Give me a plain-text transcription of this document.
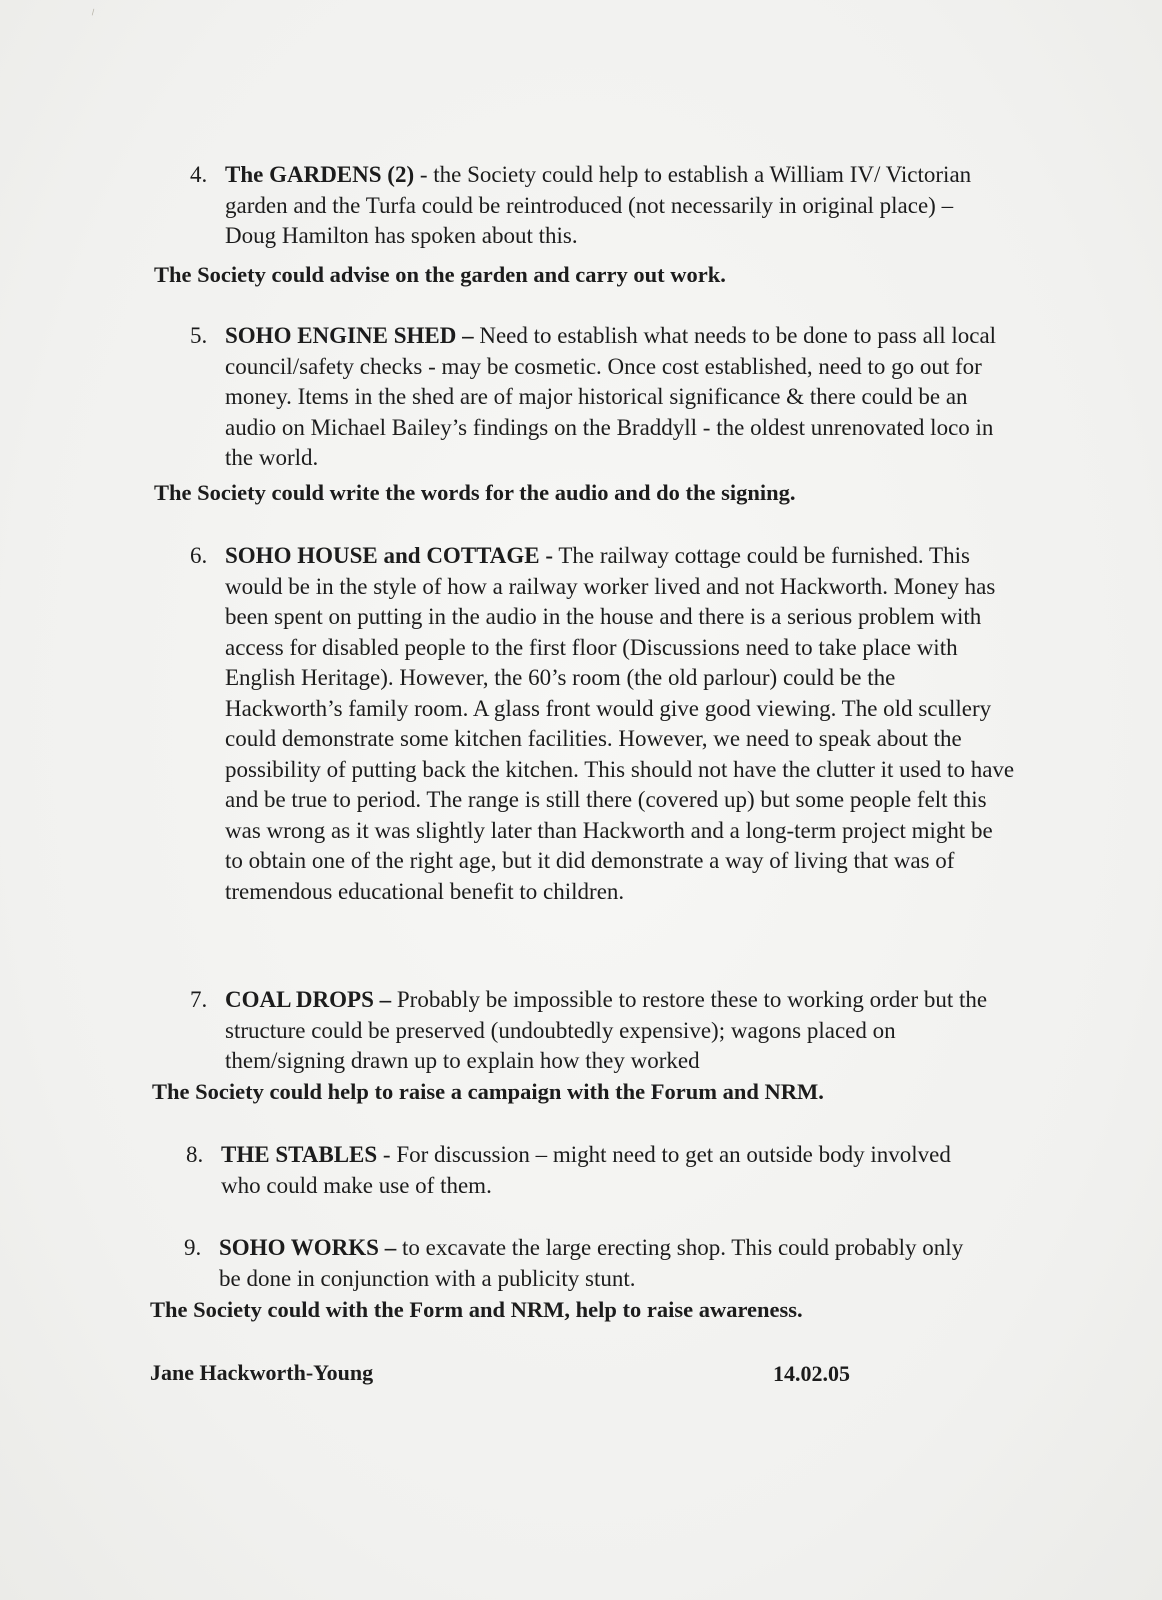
⸝
4. The GARDENS (2) - the Society could help to establish a William IV/ Victorian garden and the Turfa could be reintroduced (not necessarily in original place) – Doug Hamilton has spoken about this.
The Society could advise on the garden and carry out work.
5. SOHO ENGINE SHED – Need to establish what needs to be done to pass all local council/safety checks - may be cosmetic. Once cost established, need to go out for money. Items in the shed are of major historical significance & there could be an audio on Michael Bailey’s findings on the Braddyll - the oldest unrenovated loco in the world.
The Society could write the words for the audio and do the signing.
6. SOHO HOUSE and COTTAGE - The railway cottage could be furnished. This would be in the style of how a railway worker lived and not Hackworth. Money has been spent on putting in the audio in the house and there is a serious problem with access for disabled people to the first floor (Discussions need to take place with English Heritage). However, the 60’s room (the old parlour) could be the Hackworth’s family room. A glass front would give good viewing. The old scullery could demonstrate some kitchen facilities. However, we need to speak about the possibility of putting back the kitchen. This should not have the clutter it used to have and be true to period. The range is still there (covered up) but some people felt this was wrong as it was slightly later than Hackworth and a long-term project might be to obtain one of the right age, but it did demonstrate a way of living that was of tremendous educational benefit to children.
7. COAL DROPS – Probably be impossible to restore these to working order but the structure could be preserved (undoubtedly expensive); wagons placed on them/signing drawn up to explain how they worked
The Society could help to raise a campaign with the Forum and NRM.
8. THE STABLES - For discussion – might need to get an outside body involved who could make use of them.
9. SOHO WORKS – to excavate the large erecting shop. This could probably only be done in conjunction with a publicity stunt.
The Society could with the Form and NRM, help to raise awareness.
Jane Hackworth-Young	14.02.05
